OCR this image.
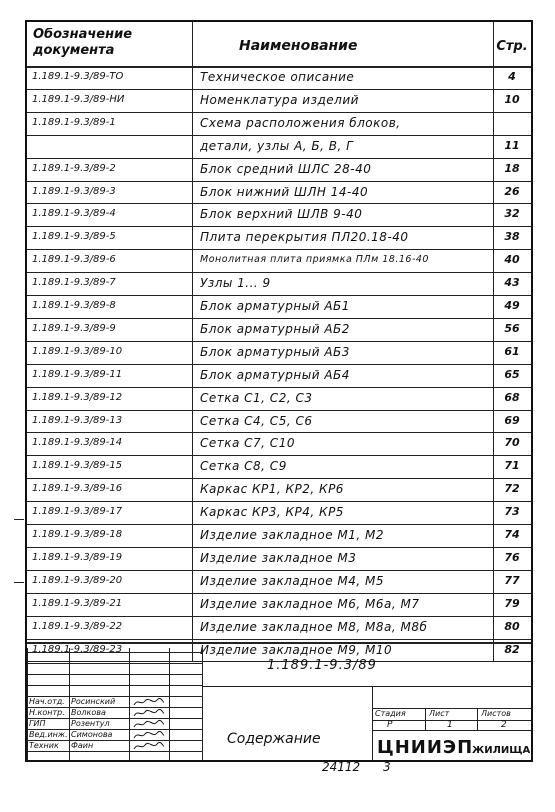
Обозначение
документа	Наименование	Стр.
1.189.1-9.3/89-ТО	Техническое описание	4
1.189.1-9.3/89-НИ	Номенклатура изделий	10
1.189.1-9.3/89-1	Схема расположения блоков,
детали, узлы А, Б, В, Г	11
1.189.1-9.3/89-2	Блок средний ШЛС 28-40	18
1.189.1-9.3/89-3	Блок нижний ШЛН 14-40	26
1.189.1-9.3/89-4	Блок верхний ШЛВ 9-40	32
1.189.1-9.3/89-5	Плита перекрытия ПЛ20.18-40	38
1.189.1-9.3/89-6	Монолитная плита приямка ПЛм 18.16-40	40
1.189.1-9.3/89-7	Узлы 1... 9	43
1.189.1-9.3/89-8	Блок арматурный АБ1	49
1.189.1-9.3/89-9	Блок арматурный АБ2	56
1.189.1-9.3/89-10	Блок арматурный АБ3	61
1.189.1-9.3/89-11	Блок арматурный АБ4	65
1.189.1-9.3/89-12	Сетка С1, С2, С3	68
1.189.1-9.3/89-13	Сетка С4, С5, С6	69
1.189.1-9.3/89-14	Сетка С7, С10	70
1.189.1-9.3/89-15	Сетка С8, С9	71
1.189.1-9.3/89-16	Каркас КР1, КР2, КР6	72
1.189.1-9.3/89-17	Каркас КР3, КР4, КР5	73
1.189.1-9.3/89-18	Изделие закладное М1, М2	74
1.189.1-9.3/89-19	Изделие закладное М3	76
1.189.1-9.3/89-20	Изделие закладное М4, М5	77
1.189.1-9.3/89-21	Изделие закладное М6, М6а, М7	79
1.189.1-9.3/89-22	Изделие закладное М8, М8а, М8б	80
1.189.1-9.3/89-23	Изделие закладное М9, М10	82
Нач.отд. Росинский
Н.контр. Волкова
ГИП	Розентул
Вед.инж. Симонова
Техник	Фаин
1.189.1-9.3/89
Содержание
Стадия	Лист	Листов
Р	1	2
ЦНИИЭП
ЖИЛИЩА
24112 3
